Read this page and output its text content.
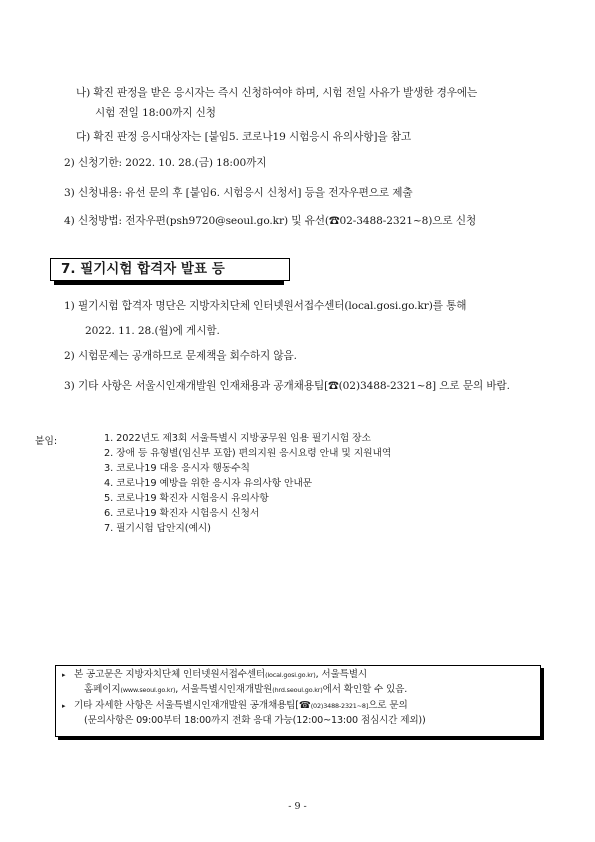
나) 확진 판정을 받은 응시자는 즉시 신청하여야 하며, 시험 전일 사유가 발생한 경우에는
시험 전일 18:00까지 신청
다) 확진 판정 응시대상자는 [붙임5. 코로나19 시험응시 유의사항]을 참고
2) 신청기한: 2022. 10. 28.(금) 18:00까지
3) 신청내용: 유선 문의 후 [붙임6. 시험응시 신청서] 등을 전자우편으로 제출
4) 신청방법: 전자우편(psh9720@seoul.go.kr) 및 유선(☎02-3488-2321~8)으로 신청
7. 필기시험 합격자 발표 등
1) 필기시험 합격자 명단은 지방자치단체 인터넷원서접수센터(local.gosi.go.kr)를 통해
2022. 11. 28.(월)에 게시함.
2) 시험문제는 공개하므로 문제책을 회수하지 않음.
3) 기타 사항은 서울시인재개발원 인재채용과 공개채용팀[☎(02)3488-2321~8] 으로 문의 바람.
붙임:	1. 2022년도 제3회 서울특별시 지방공무원 임용 필기시험 장소
2. 장애 등 유형별(임신부 포함) 편의지원 응시요령 안내 및 지원내역
3. 코로나19 대응 응시자 행동수칙
4. 코로나19 예방을 위한 응시자 유의사항 안내문
5. 코로나19 확진자 시험응시 유의사항
6. 코로나19 확진자 시험응시 신청서
7. 필기시험 답안지(예시)
▸ 본 공고문은 지방자치단체 인터넷원서접수센터(local.gosi.go.kr), 서울특별시
홈페이지(www.seoul.go.kr), 서울특별시인재개발원(hrd.seoul.go.kr)에서 확인할 수 있음.
▸ 기타 자세한 사항은 서울특별시인재개발원 공개채용팀[☎(02)3488-2321~8]으로 문의
(문의사항은 09:00부터 18:00까지 전화 응대 가능(12:00~13:00 점심시간 제외))
- 9 -
